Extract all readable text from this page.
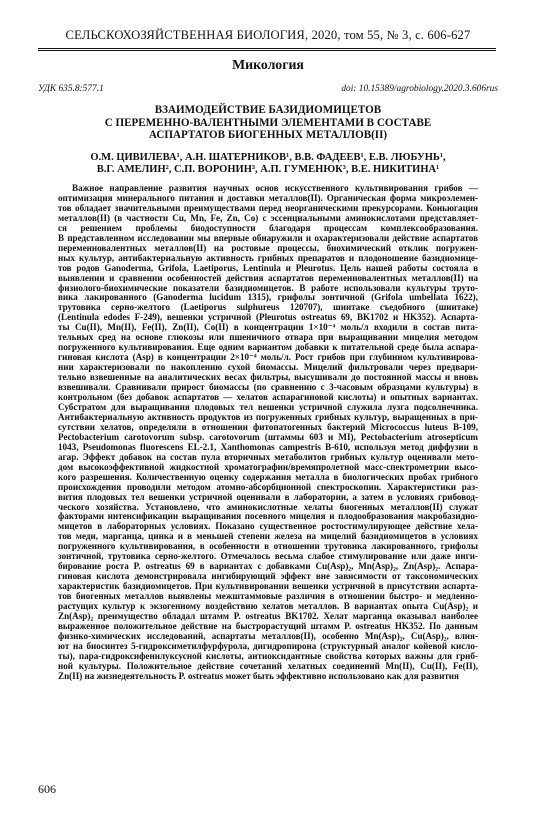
СЕЛЬСКОХОЗЯЙСТВЕННАЯ БИОЛОГИЯ, 2020, том 55, № 3, с. 606-627
Микология
УДК 635.8:577.1	doi: 10.15389/agrobiology.2020.3.606rus
ВЗАИМОДЕЙСТВИЕ БАЗИДИОМИЦЕТОВ
С ПЕРЕМЕННО-ВАЛЕНТНЫМИ ЭЛЕМЕНТАМИ В СОСТАВЕ
АСПАРТАТОВ БИОГЕННЫХ МЕТАЛЛОВ(II)
О.М. ЦИВИЛЕВА¹, А.Н. ШАТЕРНИКОВ¹, В.В. ФАДЕЕВ¹, Е.В. ЛЮБУНЬ¹,
В.Г. АМЕЛИН², С.П. ВОРОНИН³, А.П. ГУМЕНЮК³, В.Е. НИКИТИНА¹
Важное направление развития научных основ искусственного культивирования грибов —
оптимизация минерального питания и доставки металлов(II). Органическая форма микроэлемен-
тов обладает значительными преимуществами перед неорганическими прекурсорами. Коньюгация
металлов(II) (в частности Cu, Mn, Fe, Zn, Co) с эссенциальными аминокислотами представляет-
ся решением проблемы биодоступности благодаря процессам комплексообразования.
В представленном исследовании мы впервые обнаружили и охарактеризовали действие аспартатов
переменновалентных металлов(II) на ростовые процессы, биохимический отклик погружен-
ных культур, антибактериальную активность грибных препаратов и плодоношение базидиомице-
тов родов Ganoderma, Grifola, Laetiporus, Lentinula и Pleurotus. Цель нашей работы состояла в
выявлении и сравнении особенностей действия аспартатов переменновалентных металлов(II) на
физиолого-биохимические показатели базидиомицетов. В работе использовали культуры труто-
вика лакированного (Ganoderma lucidum 1315), грифолы зонтичной (Grifola umbellata 1622),
трутовика серно-желтого (Laetiporus sulphureus 120707), шиитаке съедобного (шиитаке)
(Lentinula edodes F-249), вешенки устричной (Pleurotus ostreatus 69, BK1702 и HK352). Аспарта-
ты Cu(II), Mn(II), Fe(II), Zn(II), Co(II) в концентрации 1×10⁻⁴ моль/л входили в состав пита-
тельных сред на основе глюкозы или пшеничного отвара при выращивании мицелия методом
погруженного культивирования. Еще одним вариантом добавки к питательной среде была аспара-
гиновая кислота (Asp) в концентрации 2×10⁻⁴ моль/л. Рост грибов при глубинном культивирова-
нии характеризовали по накоплению сухой биомассы. Мицелий фильтровали через предвари-
тельно взвешенные на аналитических весах фильтры, высушивали до постоянной массы и вновь
взвешивали. Сравнивали прирост биомассы (по сравнению с 3-часовым образцами культуры) в
контрольном (без добавок аспартатов — хелатов аспарагиновой кислоты) и опытных вариантах.
Субстратом для выращивания плодовых тел вешенки устричной служила лузга подсолнечника.
Антибактериальную активность продуктов из погруженных грибных культур, выращенных в при-
сутствии хелатов, определяли в отношении фитопатогенных бактерий Micrococcus luteus B-109,
Pectobacterium carotovorum subsp. carotovorum (штаммы 603 и MI), Pectobacterium atrosepticum
1043, Pseudomonas fluorescens EL-2.1, Xanthomonas campestris B-610, используя метод диффузии в
агар. Эффект добавок на состав пула вторичных метаболитов грибных культур оценивали мето-
дом высокоэффективной жидкостной хроматографии/времяпролетной масс-спектрометрии высо-
кого разрешения. Количественную оценку содержания металла в биологических пробах грибного
происхождения проводили методом атомно-абсорбционной спектроскопии. Характеристики раз-
вития плодовых тел вешенки устричной оценивали в лаборатории, а затем в условиях грибовод-
ческого хозяйства. Установлено, что аминокислотные хелаты биогенных металлов(II) служат
факторами интенсификации выращивания посевного мицелия и плодообразования макробазидио-
мицетов в лабораторных условиях. Показано существенное ростостимулирующее действие хела-
тов меди, марганца, цинка и в меньшей степени железа на мицелий базидиомицетов в условиях
погруженного культивирования, в особенности в отношении трутовика лакированного, грифолы
зонтичной, трутовика серно-желтого. Отмечалось весьма слабое стимулирование или даже инги-
бирование роста P. ostreatus 69 в вариантах с добавками Cu(Asp)₂, Mn(Asp)₂, Zn(Asp)₂. Аспара-
гиновая кислота демонстрировала ингибирующий эффект вне зависимости от таксономических
характеристик базидиомицетов. При культивировании вешенки устричной в присутствии аспарта-
тов биогенных металлов выявлены межштаммовые различия в отношении быстро- и медленно-
растущих культур к экзогенному воздействию хелатов металлов. В вариантах опыта Cu(Asp)₂ и
Zn(Asp)₂ преимущество обладал штамм P. ostreatus BK1702. Хелат марганца оказывал наиболее
выраженное положительное действие на быстрорастущий штамм P. ostreatus HK352. По данным
физико-химических исследований, аспартаты металлов(II), особенно Mn(Asp)₂, Cu(Asp)₂, влия-
ют на биосинтез 5-гидроксиметилфурфурола, дигидропирона (структурный аналог койевой кисло-
ты), пара-гидроксифенилуксусной кислоты, антиоксидантные свойства которых важны для гриб-
ной культуры. Положительное действие сочетаний хелатных соединений Mn(II), Cu(II), Fe(II),
Zn(II) на жизнедеятельность P. ostreatus может быть эффективно использовано как для развития
606
